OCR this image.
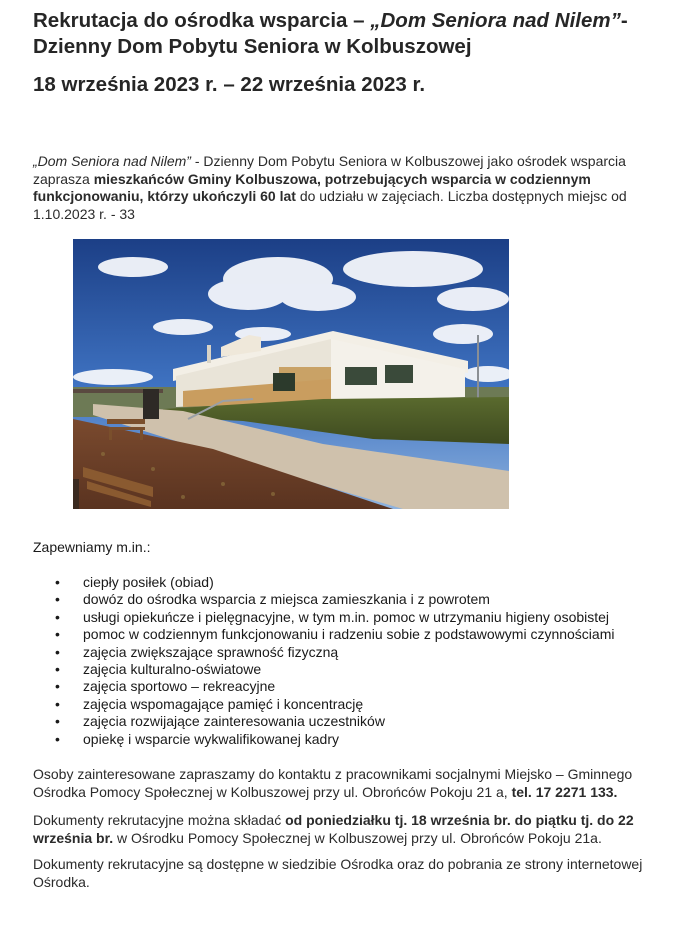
Rekrutacja do ośrodka wsparcia – „Dom Seniora nad Nilem”- Dzienny Dom Pobytu Seniora w Kolbuszowej

18 września 2023 r. – 22 września 2023 r.

„Dom Seniora nad Nilem” - Dzienny Dom Pobytu Seniora w Kolbuszowej jako ośrodek wsparcia zaprasza mieszkańców Gminy Kolbuszowa, potrzebujących wsparcia w codziennym funkcjonowaniu, którzy ukończyli 60 lat do udziału w zajęciach. Liczba dostępnych miejsc od 1.10.2023 r. - 33

Zapewniamy m.in.:

• ciepły posiłek (obiad)
• dowóz do ośrodka wsparcia z miejsca zamieszkania i z powrotem
• usługi opiekuńcze i pielęgnacyjne, w tym m.in. pomoc w utrzymaniu higieny osobistej
• pomoc w codziennym funkcjonowaniu i radzeniu sobie z podstawowymi czynnościami
• zajęcia zwiększające sprawność fizyczną
• zajęcia kulturalno-oświatowe
• zajęcia sportowo – rekreacyjne
• zajęcia wspomagające pamięć i koncentrację
• zajęcia rozwijające zainteresowania uczestników
• opiekę i wsparcie wykwalifikowanej kadry

Osoby zainteresowane zapraszamy do kontaktu z pracownikami socjalnymi Miejsko – Gminnego Ośrodka Pomocy Społecznej w Kolbuszowej przy ul. Obrońców Pokoju 21 a, tel. 17 2271 133.

Dokumenty rekrutacyjne można składać od poniedziałku tj. 18 września br. do piątku tj. do 22 września br. w Ośrodku Pomocy Społecznej w Kolbuszowej przy ul. Obrońców Pokoju 21a.

Dokumenty rekrutacyjne są dostępne w siedzibie Ośrodka oraz do pobrania ze strony internetowej Ośrodka.
